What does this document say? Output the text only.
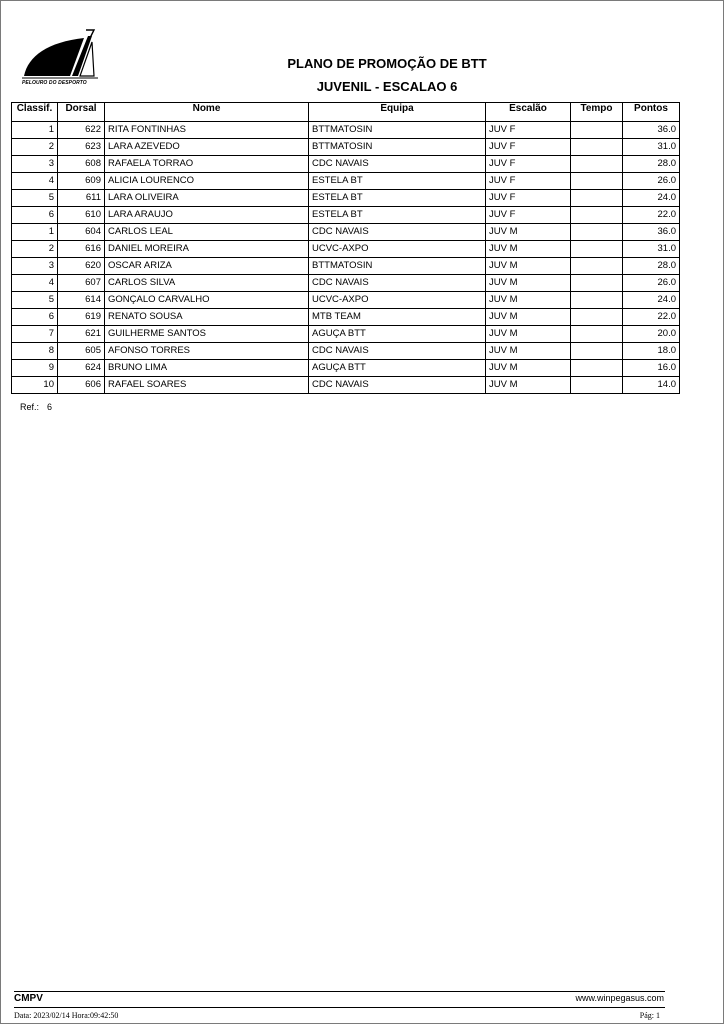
PELOURO DO DESPORTO
PLANO DE PROMOÇÃO DE BTT
JUVENIL - ESCALAO 6
Classif.	Dorsal	Nome	Equipa	Escalão	Tempo	Pontos
1	622	RITA FONTINHAS	BTTMATOSIN	JUV F		36.0
2	623	LARA AZEVEDO	BTTMATOSIN	JUV F		31.0
3	608	RAFAELA TORRAO	CDC NAVAIS	JUV F		28.0
4	609	ALICIA LOURENCO	ESTELA BT	JUV F		26.0
5	611	LARA OLIVEIRA	ESTELA BT	JUV F		24.0
6	610	LARA ARAUJO	ESTELA BT	JUV F		22.0
1	604	CARLOS LEAL	CDC NAVAIS	JUV M		36.0
2	616	DANIEL MOREIRA	UCVC-AXPO	JUV M		31.0
3	620	OSCAR ARIZA	BTTMATOSIN	JUV M		28.0
4	607	CARLOS SILVA	CDC NAVAIS	JUV M		26.0
5	614	GONÇALO CARVALHO	UCVC-AXPO	JUV M		24.0
6	619	RENATO SOUSA	MTB TEAM	JUV M		22.0
7	621	GUILHERME SANTOS	AGUÇA BTT	JUV M		20.0
8	605	AFONSO TORRES	CDC NAVAIS	JUV M		18.0
9	624	BRUNO LIMA	AGUÇA BTT	JUV M		16.0
10	606	RAFAEL SOARES	CDC NAVAIS	JUV M		14.0
Ref.: 6
CMPV	www.winpegasus.com
Data: 2023/02/14 Hora:09:42:50	Pág: 1
